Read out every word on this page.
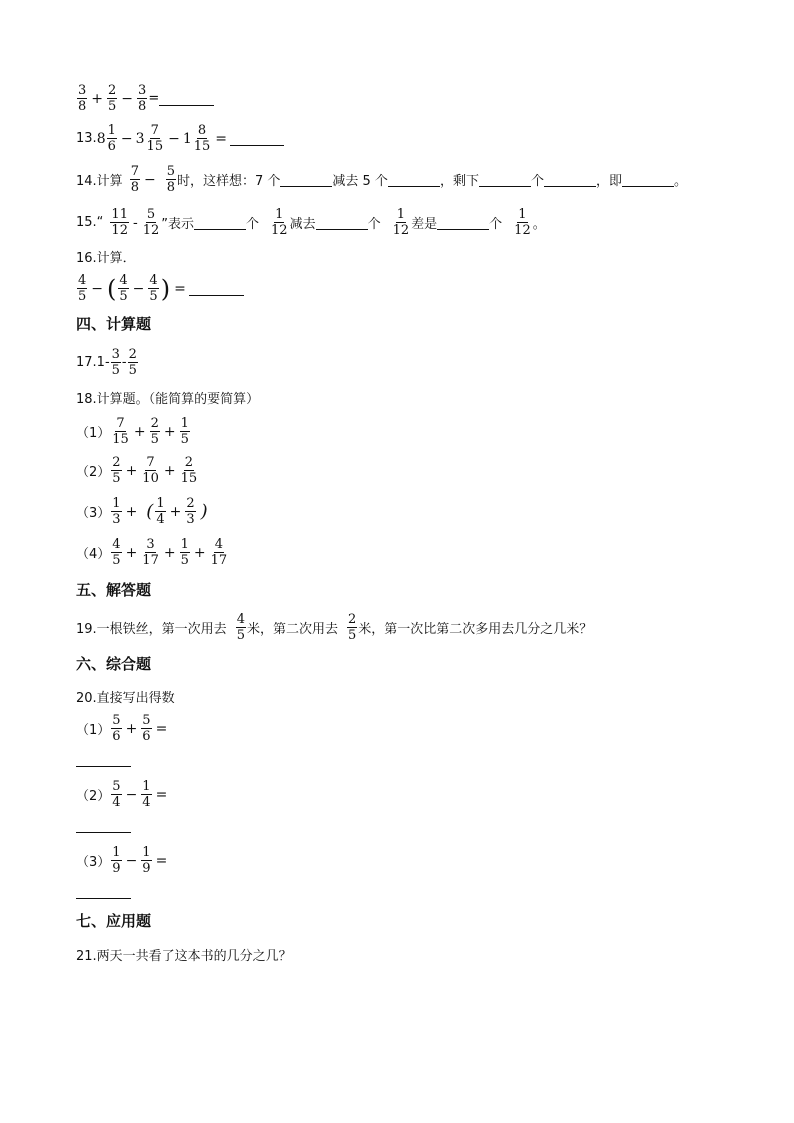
$\frac{3}{8} + \frac{2}{5} - \frac{3}{8}$ =
13. $8 \frac{1}{6} - 3 \frac{7}{15} - 1 \frac{8}{15}$ =
14.计算 $\frac{7}{8} - \frac{5}{8}$ 时，这样想：7 个	减去 5 个	，剩下	个	，即	。
15.“ $\frac{11}{12} - \frac{5}{12}$ ”表示	个 $\frac{1}{12}$ 减去	个 $\frac{1}{12}$ 差是	个 $\frac{1}{12}$ 。
16.计算．
$\frac{4}{5}$ − ( $\frac{4}{5} - \frac{4}{5}$ ) =
四、计算题
$17.1- \frac{3}{5} - \frac{2}{5}$
18.计算题。（能简算的要简算）
$(1) \frac{7}{15} + \frac{2}{5} + \frac{1}{5}$
$(2) \frac{2}{5} + \frac{7}{10} + \frac{2}{15}$
$(3) \frac{1}{3}$ + ( $\frac{1}{4} + \frac{2}{3}$ )
$(4) \frac{4}{5} + \frac{3}{17} + \frac{1}{5} + \frac{4}{17}$
五、解答题
19.一根铁丝，第一次用去 $\frac{4}{5}$ 米，第二次用去 $\frac{2}{5}$ 米，第一次比第二次多用去几分之几米？
六、综合题
20.直接写出得数
$(1) \frac{5}{6} + \frac{5}{6}$ =
$(2) \frac{5}{4} - \frac{1}{4}$ =
$(3) \frac{1}{9} - \frac{1}{9}$ =
七、应用题
21.两天一共看了这本书的几分之几？
